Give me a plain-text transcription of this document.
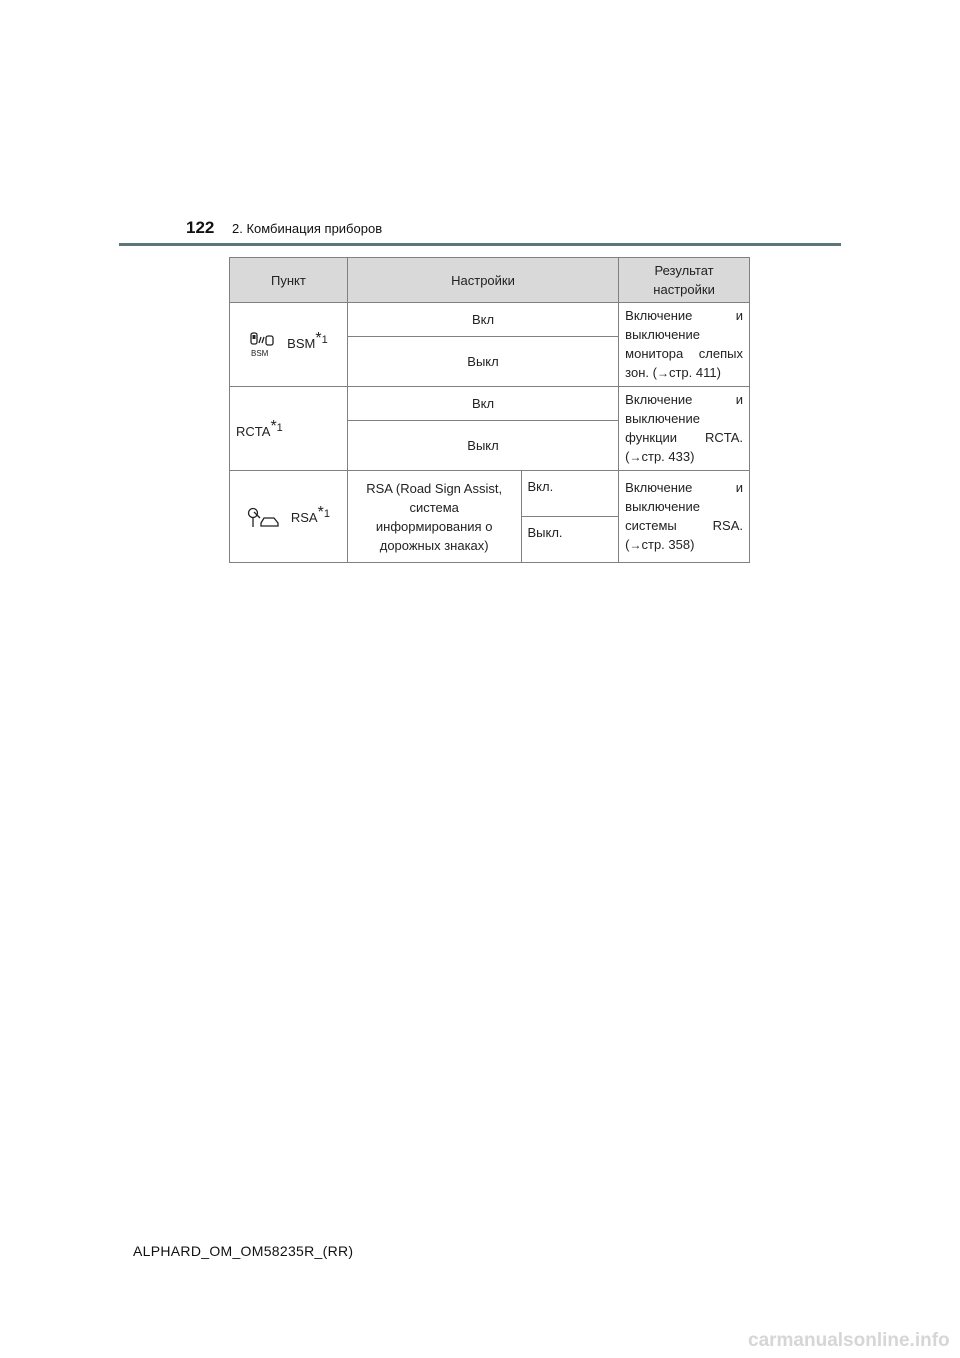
122 2. Комбинация приборов
Пункт	Настройки		Результат настройки

BSM
BSM$^{*1}$	Вкл		Включение и
выключение монитора слепых зон. (→стр. 411)
	Выкл		
RCTA$^{*1}$	Вкл		Включение и
выключение функции RCTA. (→стр. 433)
	Выкл		
RSA$^{*1}$	RSA (Road Sign Assist, система информирования о дорожных знаках)	Вкл.	Включение и
выключение системы RSA. (→стр. 358)
		Выкл.	
ALPHARD_OM_OM58235R_(RR)
carmanualsonline.info
